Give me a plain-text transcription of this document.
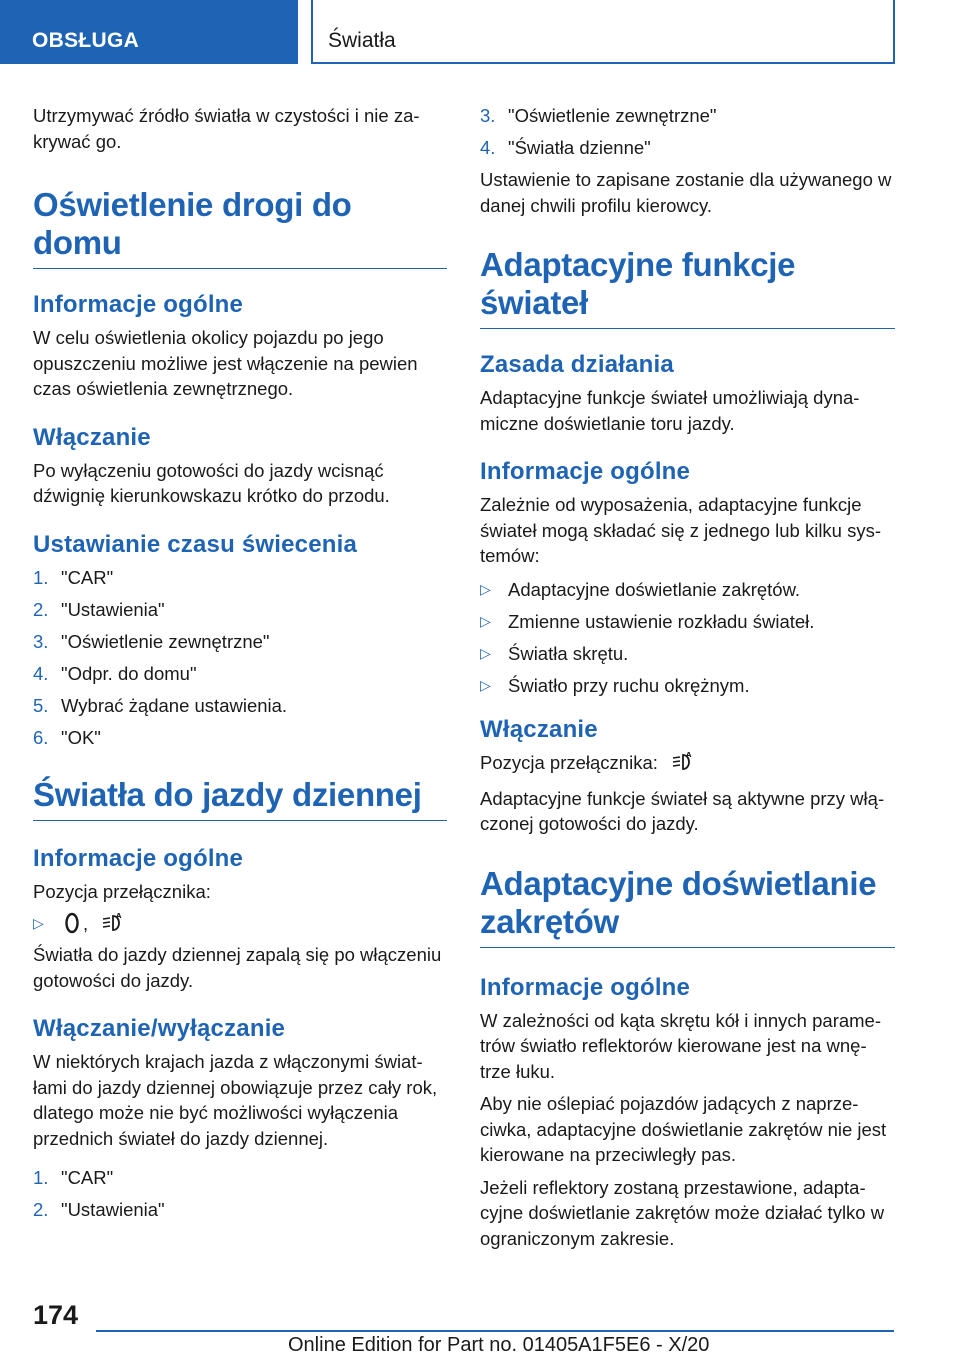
OBSŁUGA	Światła

Utrzymywać źródło światła w czystości i nie za-krywać go.

Oświetlenie drogi do domu
Informacje ogólne

W celu oświetlenia okolicy pojazdu po jego opuszczeniu możliwe jest włączenie na pewien czas oświetlenia zewnętrznego.

Włączanie

Po wyłączeniu gotowości do jazdy wcisnąć dźwignię kierunkowskazu krótko do przodu.

Ustawianie czasu świecenia
1. "CAR"
2. "Ustawienia"
3. "Oświetlenie zewnętrzne"
4. "Odpr. do domu"
5. Wybrać żądane ustawienia.
6. "OK"
Światła do jazdy dziennej
Informacje ogólne

Pozycja przełącznika:

▷ ,	A

Światła do jazdy dziennej zapalą się po włączeniu gotowości do jazdy.

Włączanie/wyłączanie

W niektórych krajach jazda z włączonymi świat-łami do jazdy dziennej obowiązuje przez cały rok, dlatego może nie być możliwości wyłączenia przednich świateł do jazdy dziennej.

1. "CAR"
2. "Ustawienia"
3. "Oświetlenie zewnętrzne"
4. "Światła dzienne"

Ustawienie to zapisane zostanie dla używanego w danej chwili profilu kierowcy.

Adaptacyjne funkcje
świateł
Zasada działania

Adaptacyjne funkcje świateł umożliwiają dyna-miczne doświetlanie toru jazdy.

Informacje ogólne

Zależnie od wyposażenia, adaptacyjne funkcje świateł mogą składać się z jednego lub kilku sys-temów:

▷ Adaptacyjne doświetlanie zakrętów.
▷ Zmienne ustawienie rozkładu świateł.
▷ Światła skrętu.
▷ Światło przy ruchu okrężnym.
Włączanie

Pozycja przełącznika:	A

Adaptacyjne funkcje świateł są aktywne przy włą-czonej gotowości do jazdy.

Adaptacyjne doświetlanie
zakrętów
Informacje ogólne

W zależności od kąta skrętu kół i innych parame-trów światło reflektorów kierowane jest na wnę-trze łuku.

Aby nie oślepiać pojazdów jadących z naprze-ciwka, adaptacyjne doświetlanie zakrętów nie jest kierowane na przeciwległy pas.

Jeżeli reflektory zostaną przestawione, adapta-cyjne doświetlanie zakrętów może działać tylko w ograniczonym zakresie.

174
Online Edition for Part no. 01405A1F5E6 - X/20
